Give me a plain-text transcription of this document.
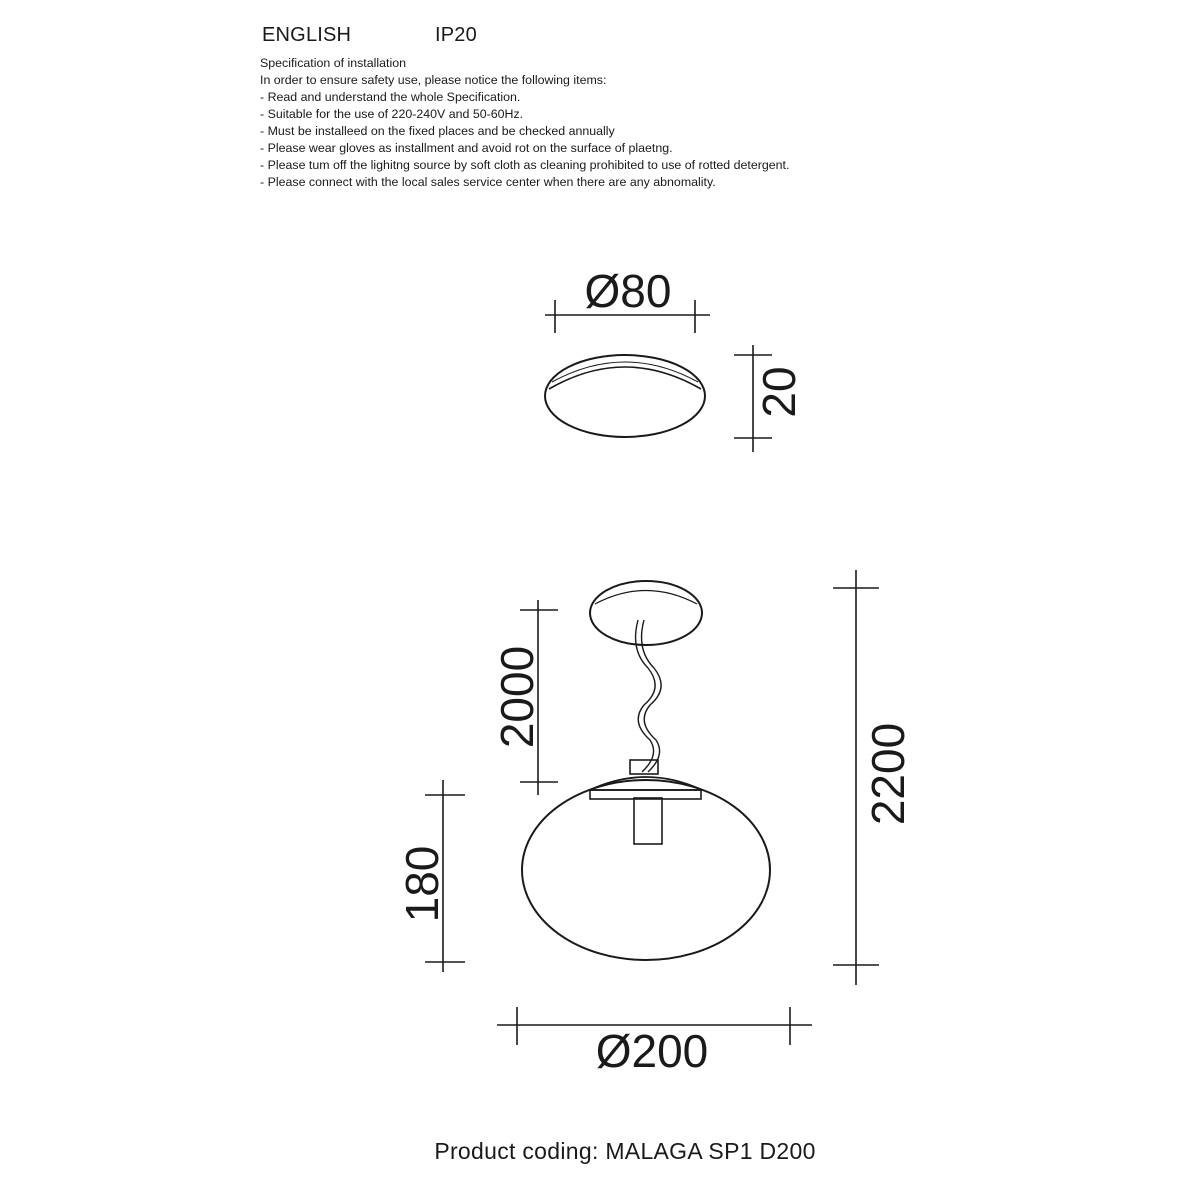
ENGLISH	IP20
Specification of installation
In order to ensure safety use, please notice the following items:
- Read and understand the whole Specification.
- Suitable for the use of 220-240V and 50-60Hz.
- Must be installeed on the fixed places and be checked annually
- Please wear gloves as installment and avoid rot on the surface of plaetng.
- Please tum off the lighitng source by soft cloth as cleaning prohibited to use of rotted detergent.
- Please connect with the local sales service center when there are any abnomality.
Ø80
20
2000
180
2200
Ø200
Product coding: MALAGA SP1 D200
